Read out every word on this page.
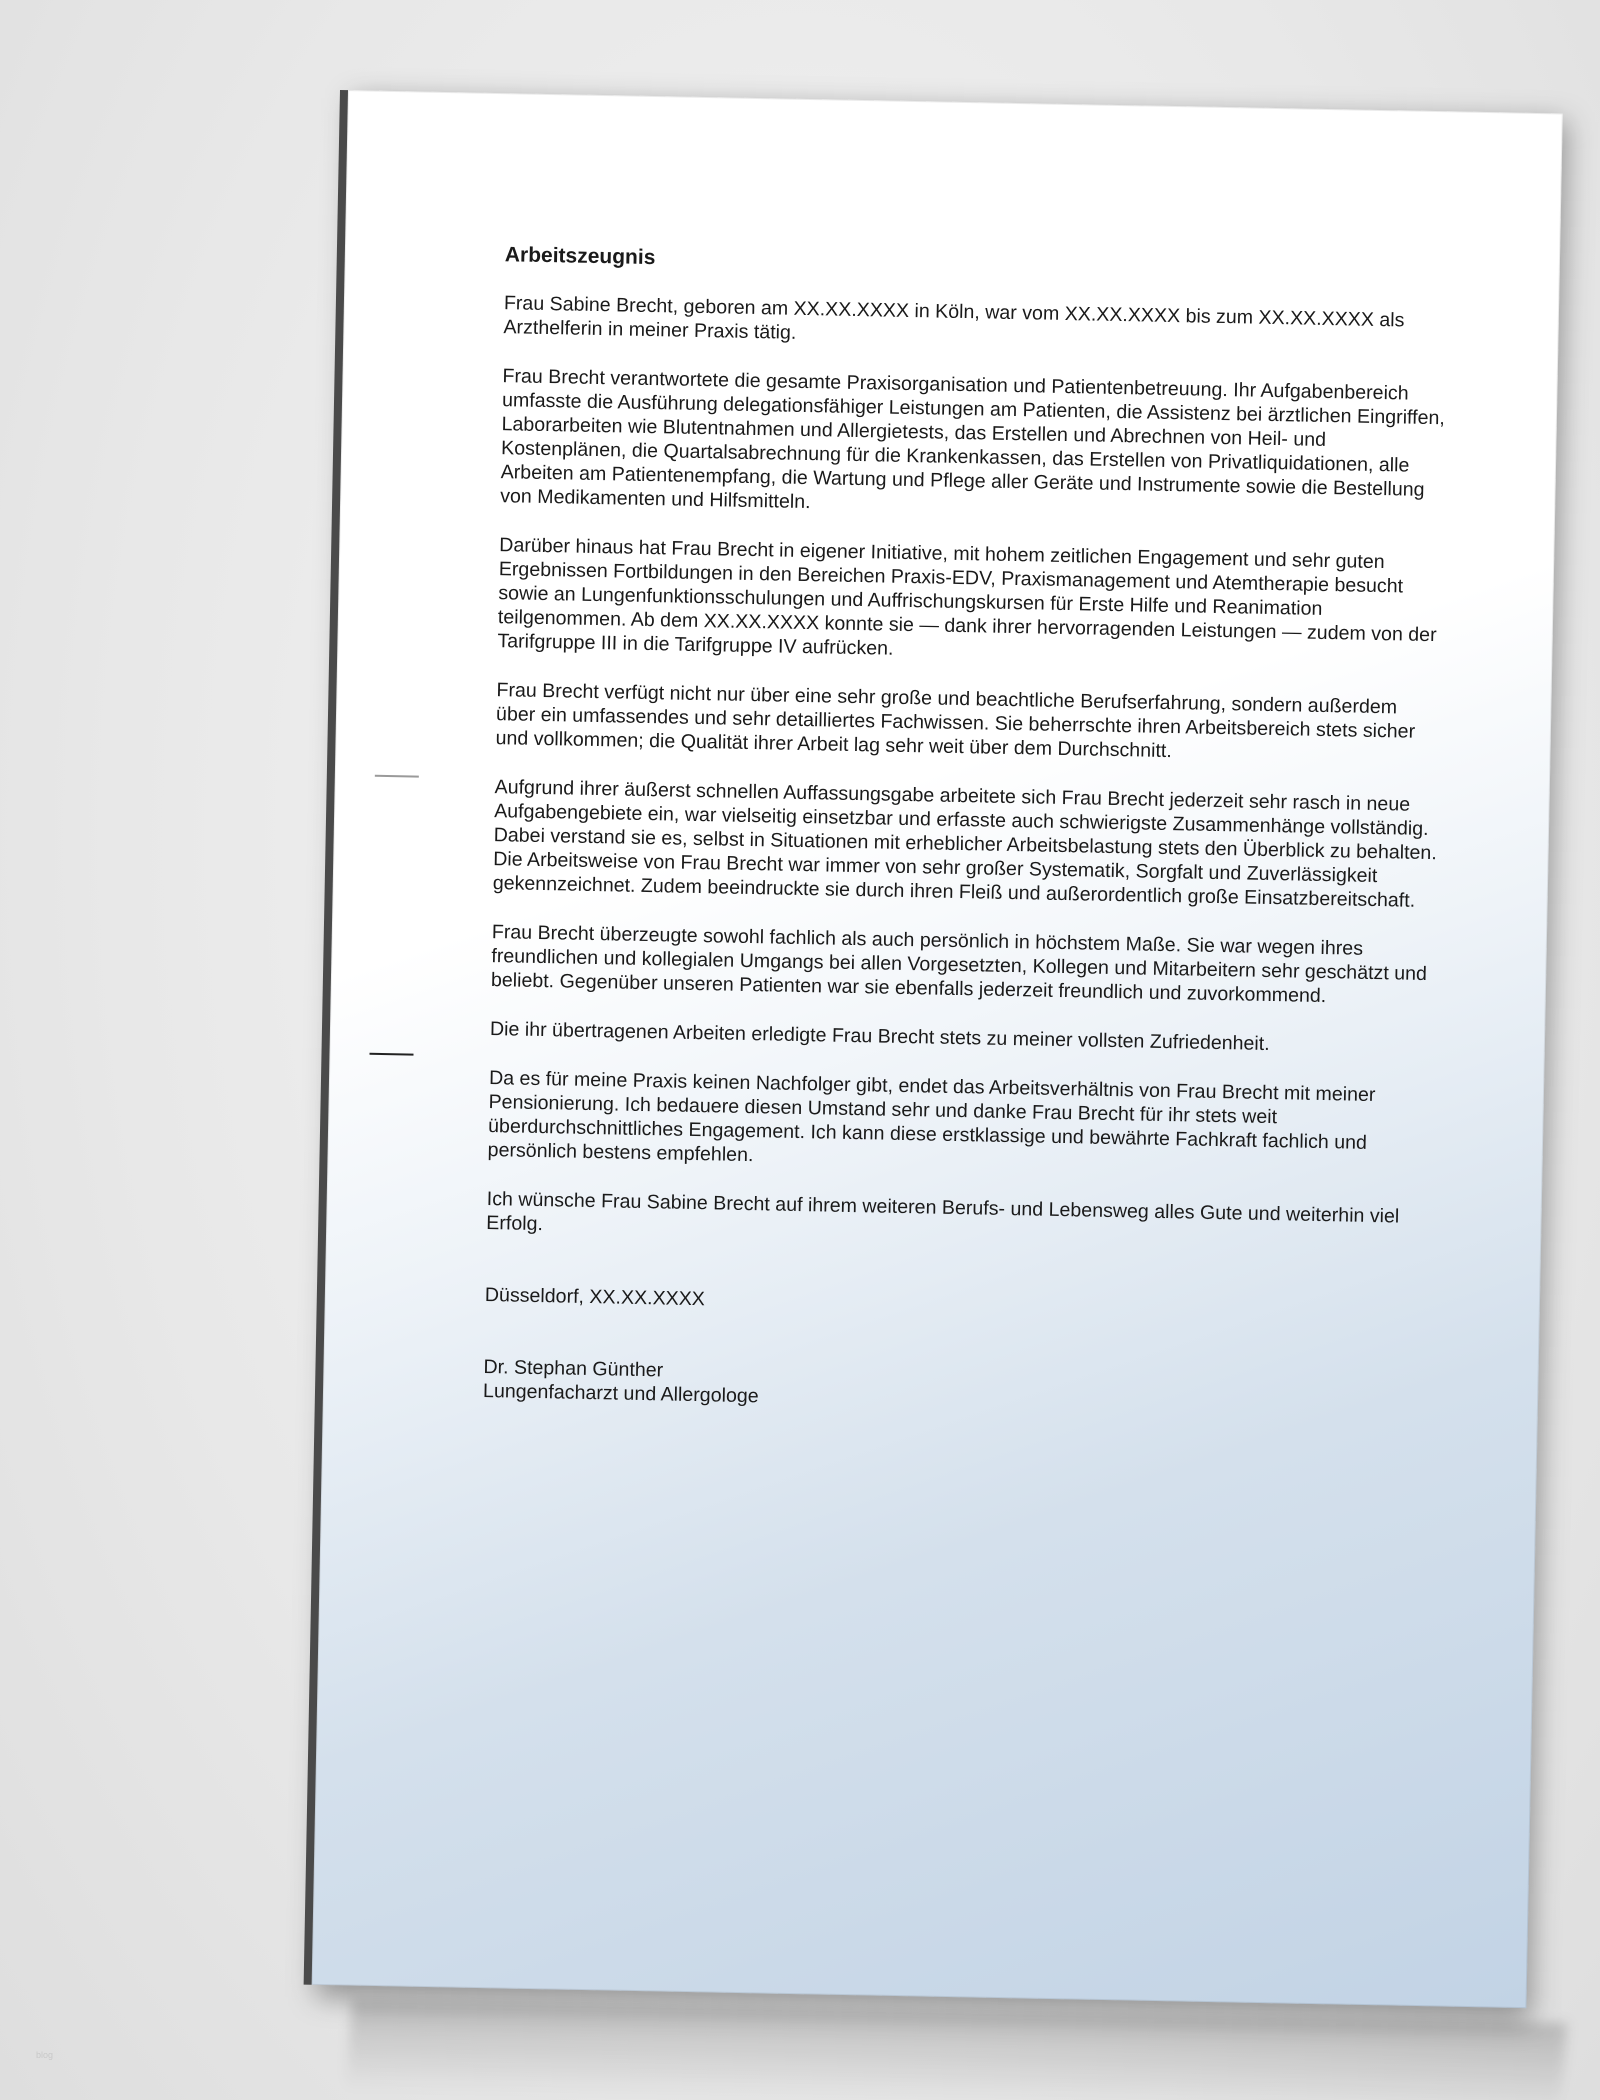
Arbeitszeugnis

Frau Sabine Brecht, geboren am XX.XX.XXXX in Köln, war vom XX.XX.XXXX bis zum XX.XX.XXXX als Arzthelferin in meiner Praxis tätig.

Frau Brecht verantwortete die gesamte Praxisorganisation und Patientenbetreuung. Ihr Aufgabenbereich umfasste die Ausführung delegationsfähiger Leistungen am Patienten, die Assistenz bei ärztlichen Eingriffen, Laborarbeiten wie Blutentnahmen und Allergietests, das Erstellen und Abrechnen von Heil- und Kostenplänen, die Quartalsabrechnung für die Krankenkassen, das Erstellen von Privatliquidationen, alle Arbeiten am Patientenempfang, die Wartung und Pflege aller Geräte und Instrumente sowie die Bestellung von Medikamenten und Hilfsmitteln.

Darüber hinaus hat Frau Brecht in eigener Initiative, mit hohem zeitlichen Engagement und sehr guten Ergebnissen Fortbildungen in den Bereichen Praxis-EDV, Praxismanagement und Atemtherapie besucht sowie an Lungenfunktionsschulungen und Auffrischungskursen für Erste Hilfe und Reanimation teilgenommen. Ab dem XX.XX.XXXX konnte sie — dank ihrer hervorragenden Leistungen — zudem von der Tarifgruppe III in die Tarifgruppe IV aufrücken.

Frau Brecht verfügt nicht nur über eine sehr große und beachtliche Berufserfahrung, sondern außerdem über ein umfassendes und sehr detailliertes Fachwissen. Sie beherrschte ihren Arbeitsbereich stets sicher und vollkommen; die Qualität ihrer Arbeit lag sehr weit über dem Durchschnitt.

Aufgrund ihrer äußerst schnellen Auffassungsgabe arbeitete sich Frau Brecht jederzeit sehr rasch in neue Aufgabengebiete ein, war vielseitig einsetzbar und erfasste auch schwierigste Zusammenhänge vollständig. Dabei verstand sie es, selbst in Situationen mit erheblicher Arbeitsbelastung stets den Überblick zu behalten. Die Arbeitsweise von Frau Brecht war immer von sehr großer Systematik, Sorgfalt und Zuverlässigkeit gekennzeichnet. Zudem beeindruckte sie durch ihren Fleiß und außerordentlich große Einsatzbereitschaft.

Frau Brecht überzeugte sowohl fachlich als auch persönlich in höchstem Maße. Sie war wegen ihres freundlichen und kollegialen Umgangs bei allen Vorgesetzten, Kollegen und Mitarbeitern sehr geschätzt und beliebt. Gegenüber unseren Patienten war sie ebenfalls jederzeit freundlich und zuvorkommend.

Die ihr übertragenen Arbeiten erledigte Frau Brecht stets zu meiner vollsten Zufriedenheit.

Da es für meine Praxis keinen Nachfolger gibt, endet das Arbeitsverhältnis von Frau Brecht mit meiner Pensionierung. Ich bedauere diesen Umstand sehr und danke Frau Brecht für ihr stets weit überdurchschnittliches Engagement. Ich kann diese erstklassige und bewährte Fachkraft fachlich und persönlich bestens empfehlen.

Ich wünsche Frau Sabine Brecht auf ihrem weiteren Berufs- und Lebensweg alles Gute und weiterhin viel Erfolg.

Düsseldorf, XX.XX.XXXX

Dr. Stephan Günther
Lungenfacharzt und Allergologe
blog
